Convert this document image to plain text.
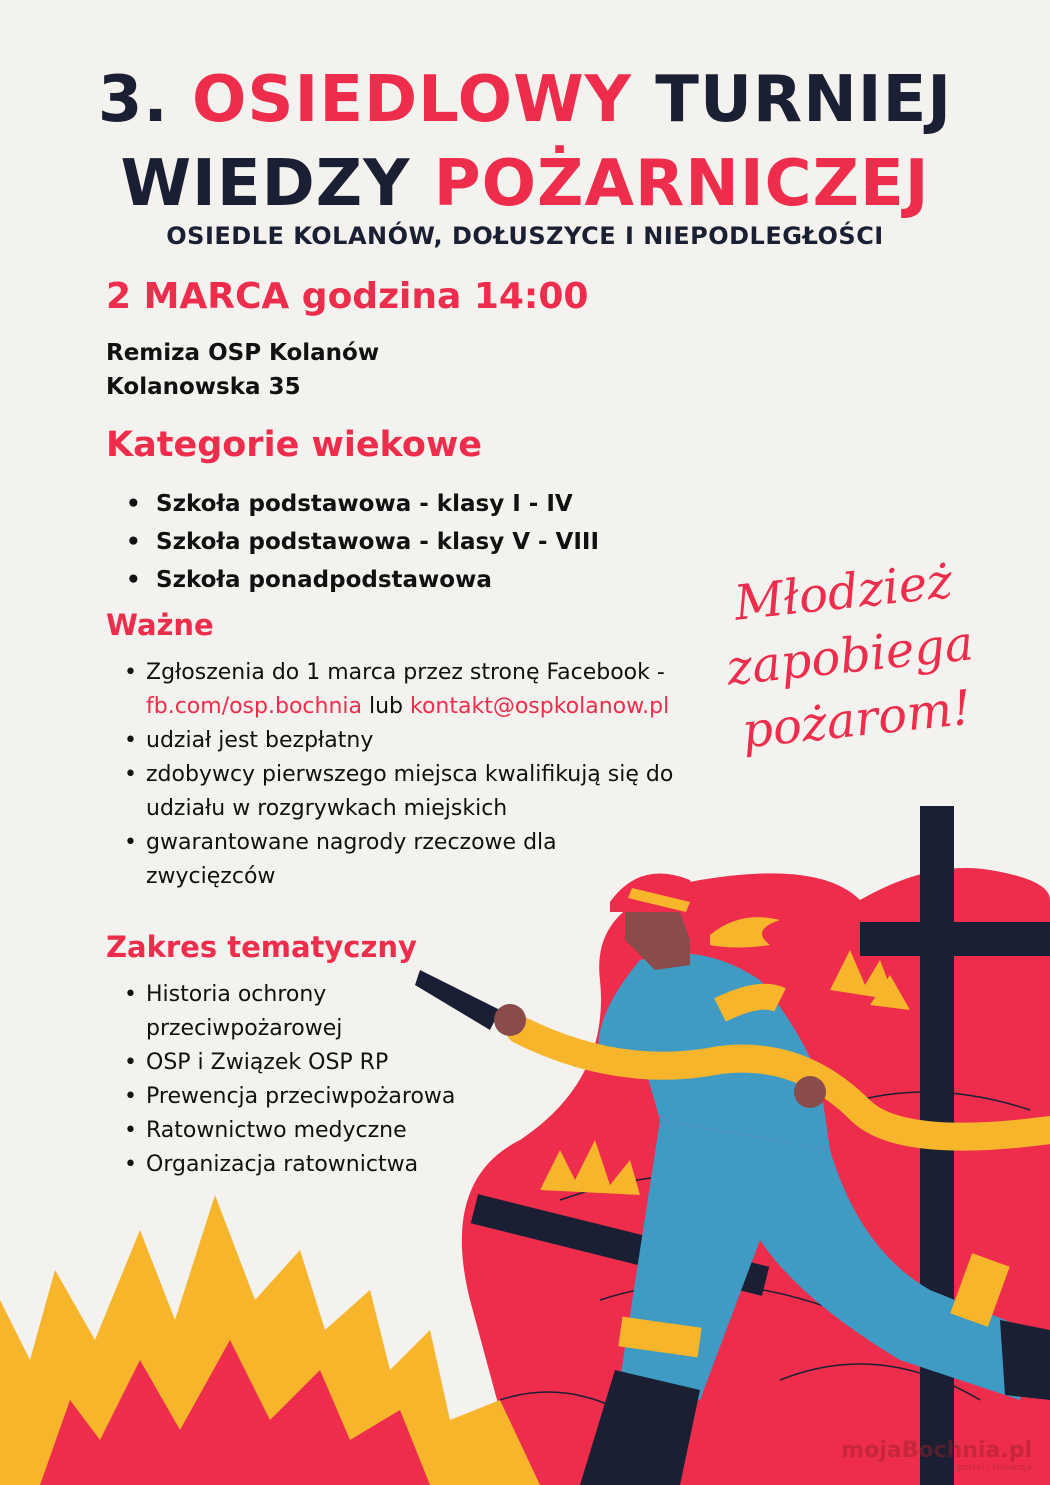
3. OSIEDLOWY TURNIEJ
WIEDZY POŻARNICZEJ
OSIEDLE KOLANÓW, DOŁUSZYCE I NIEPODLEGŁOŚCI
2 MARCA godzina 14:00
Remiza OSP Kolanów
Kolanowska 35
Kategorie wiekowe
• Szkoła podstawowa - klasy I - IV
• Szkoła podstawowa - klasy V - VIII
• Szkoła ponadpodstawowa
Ważne
• Zgłoszenia do 1 marca przez stronę Facebook - fb.com/osp.bochnia lub kontakt@ospkolanow.pl
• udział jest bezpłatny
• zdobywcy pierwszego miejsca kwalifikują się do udziału w rozgrywkach miejskich
• gwarantowane nagrody rzeczowe dla zwycięzców
Zakres tematyczny
• Historia ochrony przeciwpożarowej
• OSP i Związek OSP RP
• Prewencja przeciwpożarowa
• Ratownictwo medyczne
• Organizacja ratownictwa
Młodzież
zapobiega
pożarom!
mojaBochnia.pl
portal i telewizja
